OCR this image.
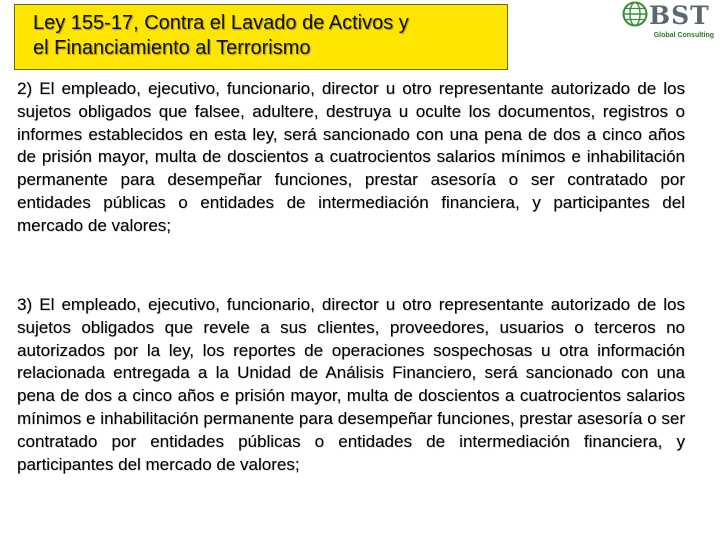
Ley 155-17, Contra el Lavado de Activos y
el Financiamiento al Terrorismo
BST
Global Consulting

2) El empleado, ejecutivo, funcionario, director u otro representante autorizado de los sujetos obligados que falsee, adultere, destruya u oculte los documentos, registros o informes establecidos en esta ley, será sancionado con una pena de dos a cinco años de prisión mayor, multa de doscientos a cuatrocientos salarios mínimos e inhabilitación permanente para desempeñar funciones, prestar asesoría o ser contratado por entidades públicas o entidades de intermediación financiera, y participantes del mercado de valores;

3) El empleado, ejecutivo, funcionario, director u otro representante autorizado de los sujetos obligados que revele a sus clientes, proveedores, usuarios o terceros no autorizados por la ley, los reportes de operaciones sospechosas u otra información relacionada entregada a la Unidad de Análisis Financiero, será sancionado con una pena de dos a cinco años e prisión mayor, multa de doscientos a cuatrocientos salarios mínimos e inhabilitación permanente para desempeñar funciones, prestar asesoría o ser contratado por entidades públicas o entidades de intermediación financiera, y participantes del mercado de valores;
